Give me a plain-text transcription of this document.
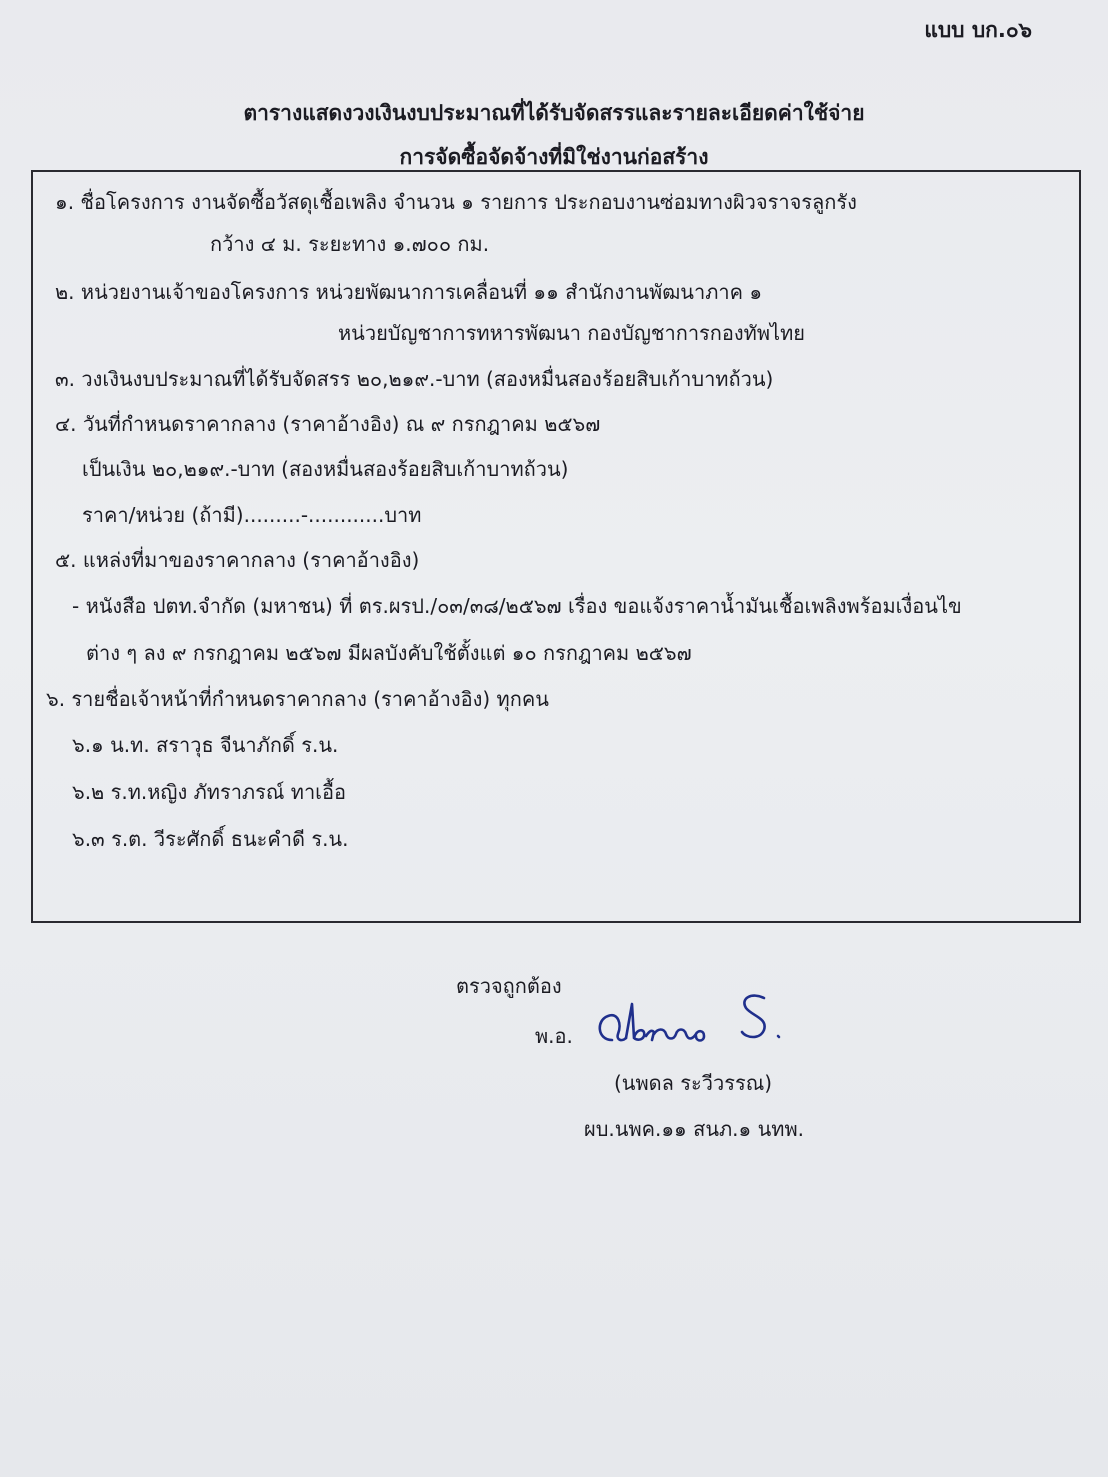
แบบ บก.๐๖
ตารางแสดงวงเงินงบประมาณที่ได้รับจัดสรรและรายละเอียดค่าใช้จ่าย
การจัดซื้อจัดจ้างที่มิใช่งานก่อสร้าง
๑. ชื่อโครงการ งานจัดซื้อวัสดุเชื้อเพลิง จำนวน ๑ รายการ ประกอบงานซ่อมทางผิวจราจรลูกรัง
กว้าง ๔ ม. ระยะทาง ๑.๗๐๐ กม.
๒. หน่วยงานเจ้าของโครงการ หน่วยพัฒนาการเคลื่อนที่ ๑๑ สำนักงานพัฒนาภาค ๑
หน่วยบัญชาการทหารพัฒนา กองบัญชาการกองทัพไทย
๓. วงเงินงบประมาณที่ได้รับจัดสรร ๒๐,๒๑๙.-บาท (สองหมื่นสองร้อยสิบเก้าบาทถ้วน)
๔. วันที่กำหนดราคากลาง (ราคาอ้างอิง) ณ ๙ กรกฎาคม ๒๕๖๗
เป็นเงิน ๒๐,๒๑๙.-บาท (สองหมื่นสองร้อยสิบเก้าบาทถ้วน)
ราคา/หน่วย (ถ้ามี).........-............บาท
๕. แหล่งที่มาของราคากลาง (ราคาอ้างอิง)
- หนังสือ ปตท.จำกัด (มหาชน) ที่ ตร.ผรป./๐๓/๓๘/๒๕๖๗ เรื่อง ขอแจ้งราคาน้ำมันเชื้อเพลิงพร้อมเงื่อนไข
ต่าง ๆ ลง ๙ กรกฎาคม ๒๕๖๗ มีผลบังคับใช้ตั้งแต่ ๑๐ กรกฎาคม ๒๕๖๗
๖. รายชื่อเจ้าหน้าที่กำหนดราคากลาง (ราคาอ้างอิง) ทุกคน
๖.๑ น.ท. สราวุธ จีนาภักดิ์ ร.น.
๖.๒ ร.ท.หญิง ภัทราภรณ์ ทาเอื้อ
๖.๓ ร.ต. วีระศักดิ์ ธนะคำดี ร.น.
ตรวจถูกต้อง
พ.อ.
(นพดล ระวีวรรณ)
ผบ.นพค.๑๑ สนภ.๑ นทพ.
